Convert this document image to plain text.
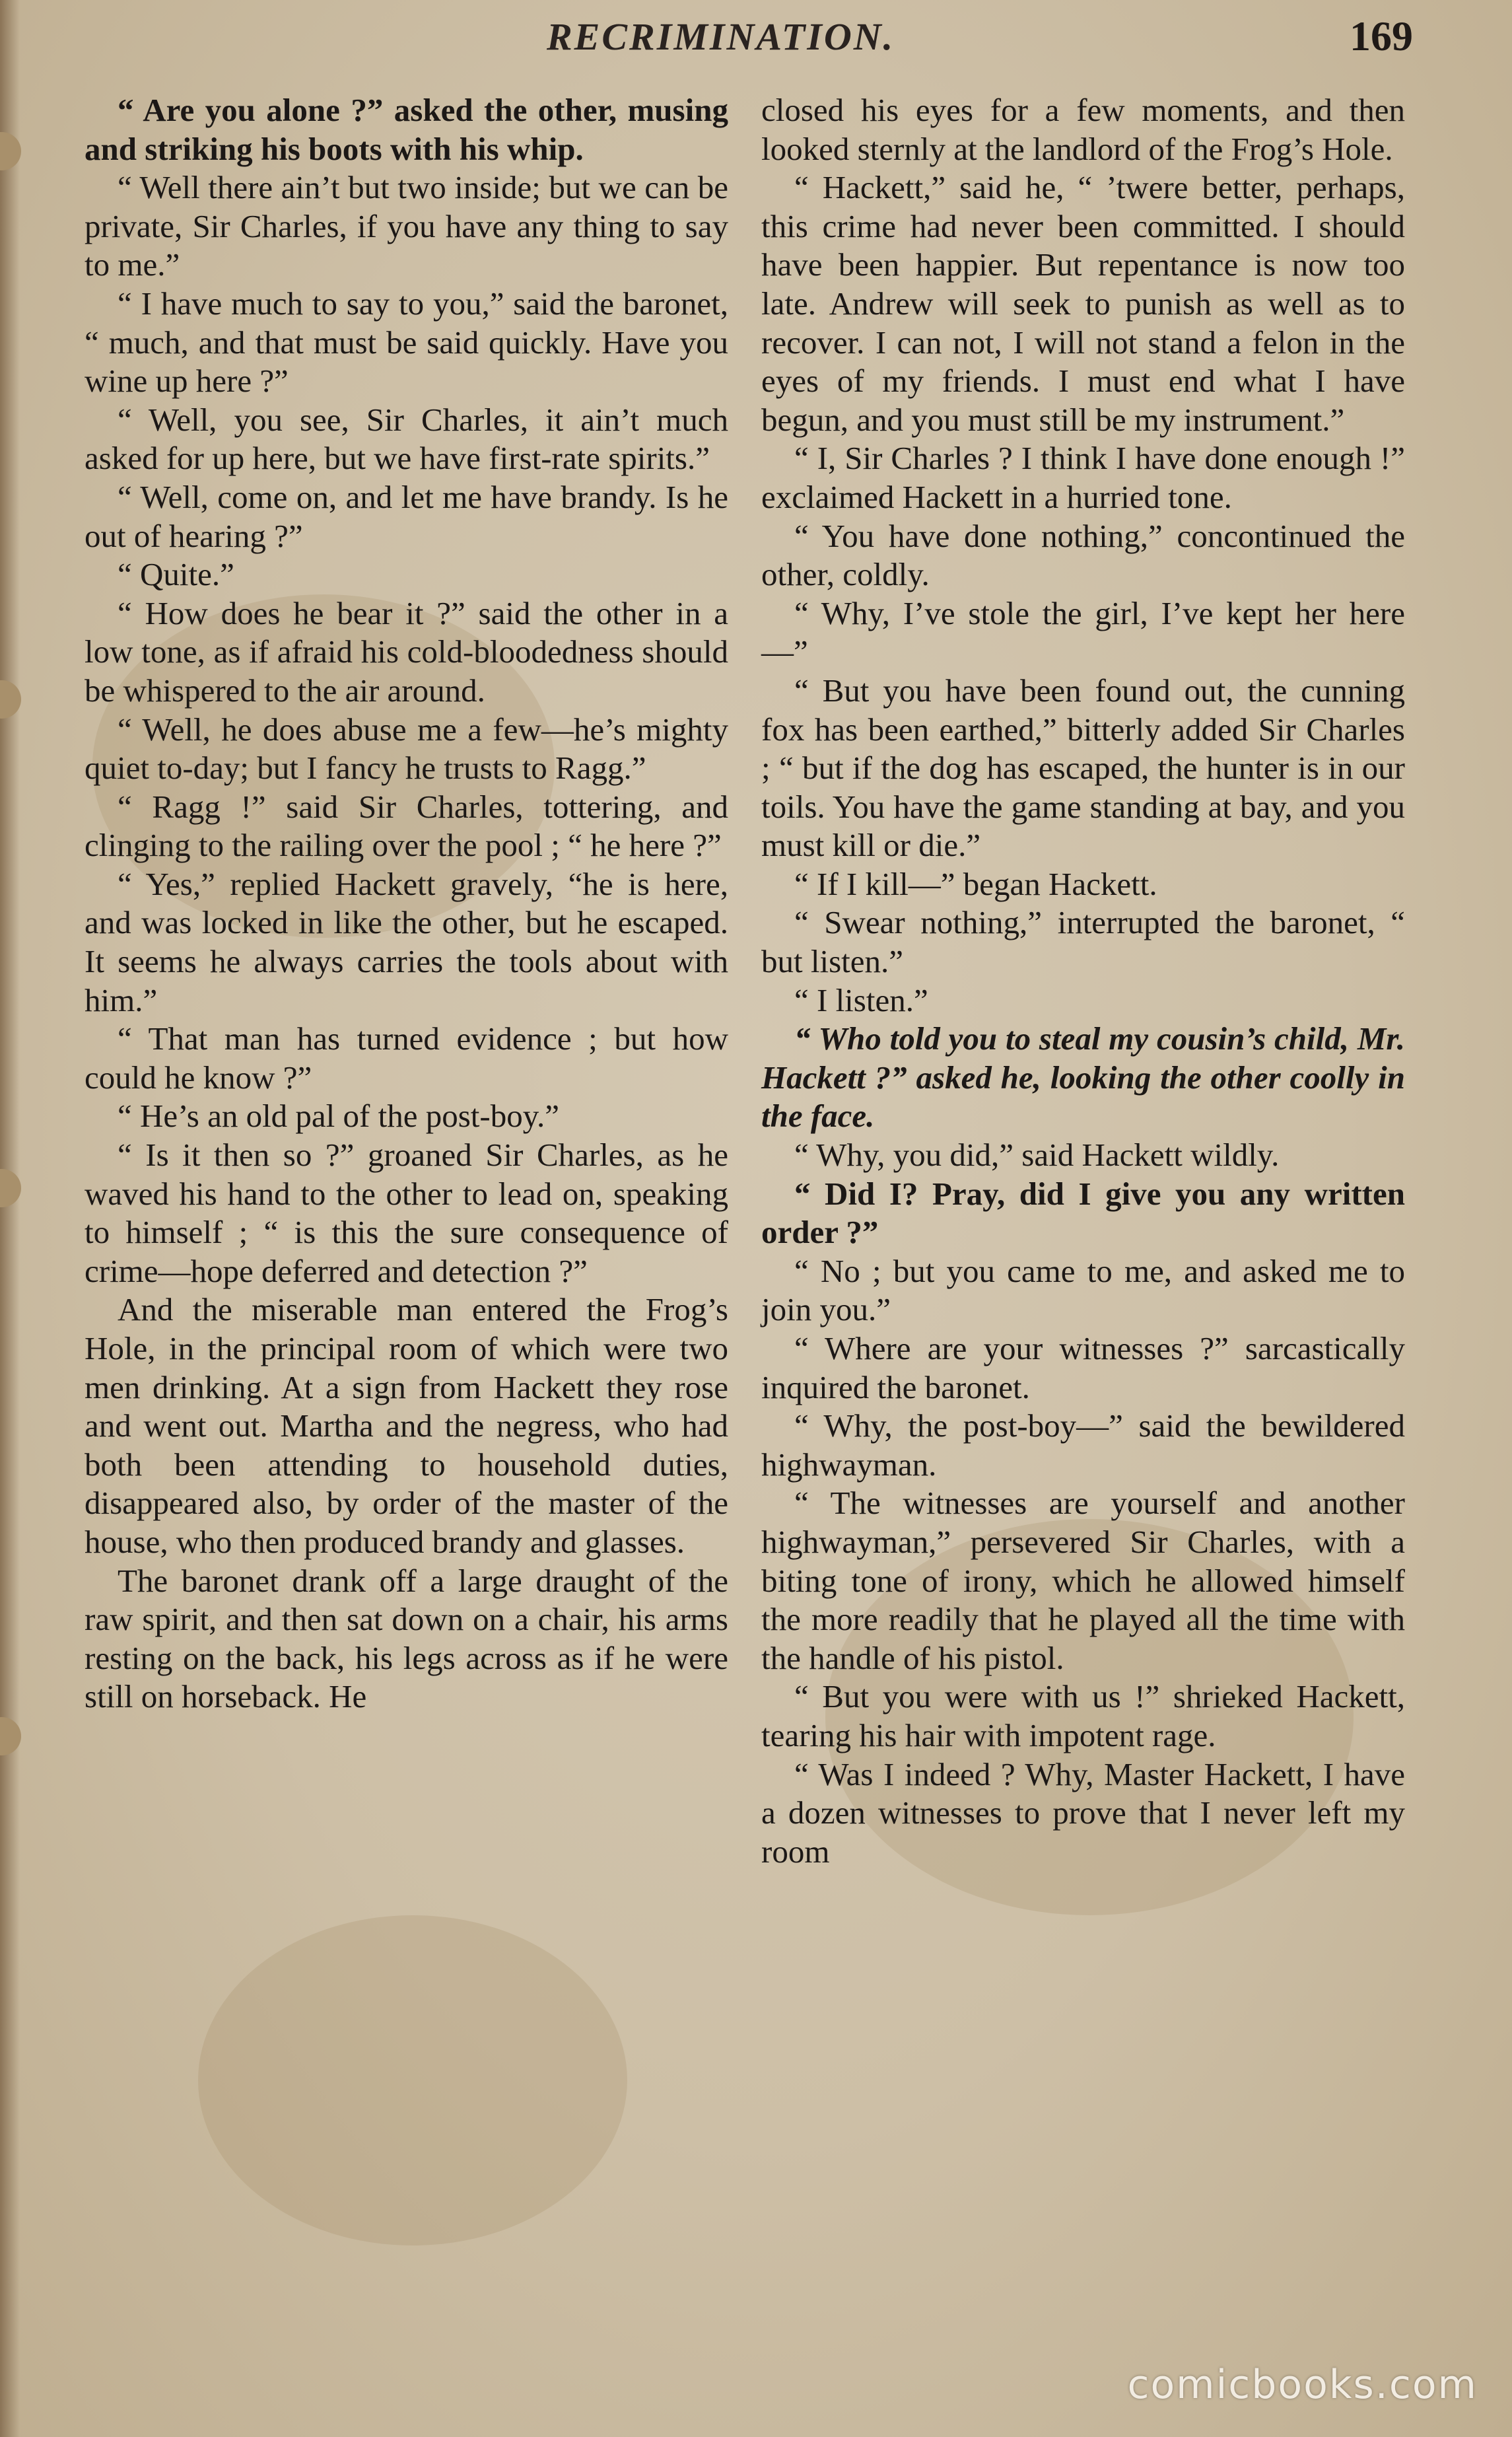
RECRIMINATION.	169

“ Are you alone ?” asked the other, musing and striking his boots with his whip.

“ Well there ain’t but two inside; but we can be private, Sir Charles, if you have any thing to say to me.”

“ I have much to say to you,” said the baronet, “ much, and that must be said quickly. Have you wine up here ?”

“ Well, you see, Sir Charles, it ain’t much asked for up here, but we have first-rate spirits.”

“ Well, come on, and let me have brandy. Is he out of hearing ?”

“ Quite.”

“ How does he bear it ?” said the other in a low tone, as if afraid his cold-bloodedness should be whispered to the air around.

“ Well, he does abuse me a few—he’s mighty quiet to-day; but I fancy he trusts to Ragg.”

“ Ragg !” said Sir Charles, tottering, and clinging to the railing over the pool ; “ he here ?”

“ Yes,” replied Hackett gravely, “he is here, and was locked in like the other, but he escaped. It seems he always carries the tools about with him.”

“ That man has turned evidence ; but how could he know ?”

“ He’s an old pal of the post-boy.”

“ Is it then so ?” groaned Sir Charles, as he waved his hand to the other to lead on, speaking to himself ; “ is this the sure consequence of crime—hope deferred and detection ?”

And the miserable man entered the Frog’s Hole, in the principal room of which were two men drinking. At a sign from Hackett they rose and went out. Martha and the negress, who had both been attending to household duties, disappeared also, by order of the master of the house, who then produced brandy and glasses.

The baronet drank off a large draught of the raw spirit, and then sat down on a chair, his arms resting on the back, his legs across as if he were still on horseback. He

closed his eyes for a few moments, and then looked sternly at the landlord of the Frog’s Hole.

“ Hackett,” said he, “ ’twere better, perhaps, this crime had never been committed. I should have been happier. But repentance is now too late. Andrew will seek to punish as well as to recover. I can not, I will not stand a felon in the eyes of my friends. I must end what I have begun, and you must still be my instrument.”

“ I, Sir Charles ? I think I have done enough !” exclaimed Hackett in a hurried tone.

“ You have done nothing,” concontinued the other, coldly.

“ Why, I’ve stole the girl, I’ve kept her here—”

“ But you have been found out, the cunning fox has been earthed,” bitterly added Sir Charles ; “ but if the dog has escaped, the hunter is in our toils. You have the game standing at bay, and you must kill or die.”

“ If I kill—” began Hackett.

“ Swear nothing,” interrupted the baronet, “ but listen.”

“ I listen.”

“ Who told you to steal my cousin’s child, Mr. Hackett ?” asked he, looking the other coolly in the face.

“ Why, you did,” said Hackett wildly.

“ Did I? Pray, did I give you any written order ?”

“ No ; but you came to me, and asked me to join you.”

“ Where are your witnesses ?” sarcastically inquired the baronet.

“ Why, the post-boy—” said the bewildered highwayman.

“ The witnesses are yourself and another highwayman,” persevered Sir Charles, with a biting tone of irony, which he allowed himself the more readily that he played all the time with the handle of his pistol.

“ But you were with us !” shrieked Hackett, tearing his hair with impotent rage.

“ Was I indeed ? Why, Master Hackett, I have a dozen witnesses to prove that I never left my room

comicbooks.com
